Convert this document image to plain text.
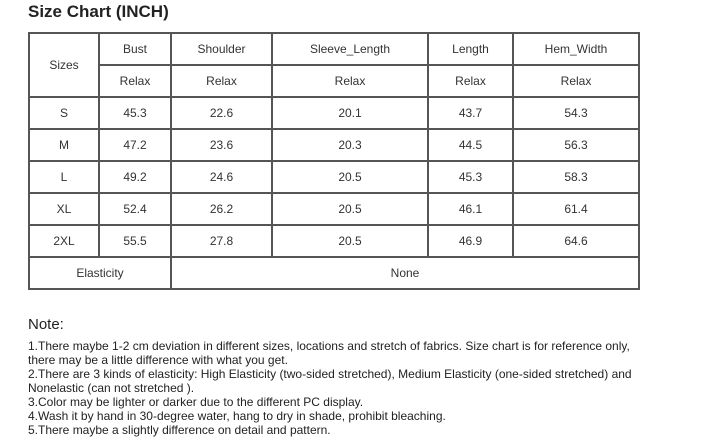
Size Chart (INCH)
Sizes	Bust	Shoulder	Sleeve_Length	Length	Hem_Width
	Relax	Relax	Relax	Relax	Relax
S	45.3	22.6	20.1	43.7	54.3
M	47.2	23.6	20.3	44.5	56.3
L	49.2	24.6	20.5	45.3	58.3
XL	52.4	26.2	20.5	46.1	61.4
2XL	55.5	27.8	20.5	46.9	64.6
Elasticity		None			
Note:
1.There maybe 1-2 cm deviation in different sizes, locations and stretch of fabrics. Size chart is for reference only, there may be a little difference with what you get.
2.There are 3 kinds of elasticity: High Elasticity (two-sided stretched), Medium Elasticity (one-sided stretched) and Nonelastic (can not stretched ).
3.Color may be lighter or darker due to the different PC display.
4.Wash it by hand in 30-degree water, hang to dry in shade, prohibit bleaching.
5.There maybe a slightly difference on detail and pattern.
